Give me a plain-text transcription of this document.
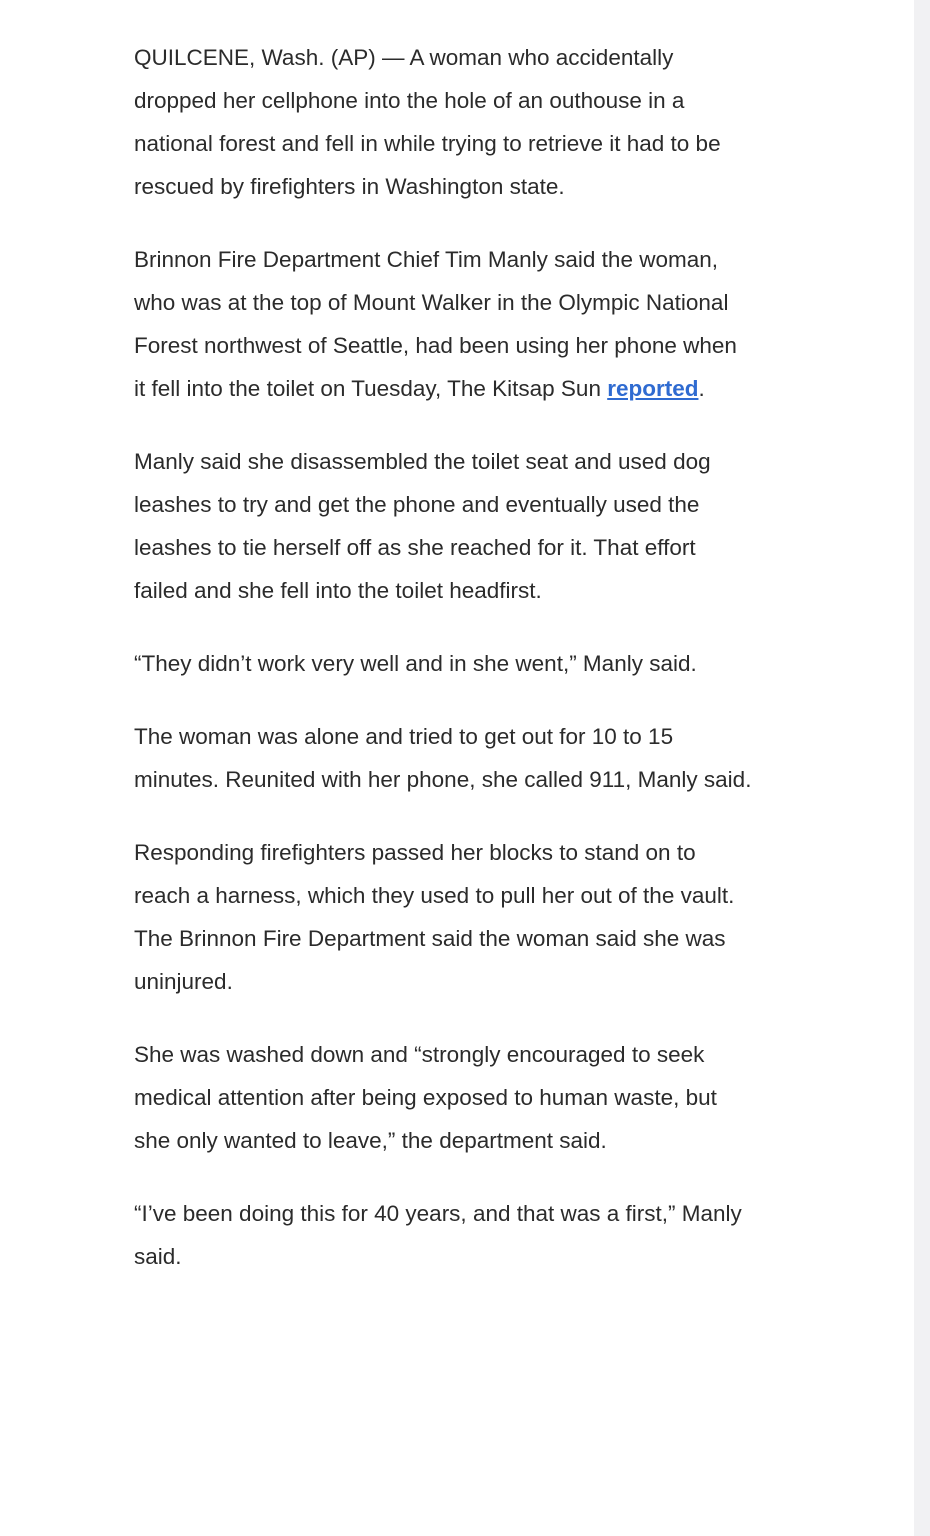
QUILCENE, Wash. (AP) — A woman who accidentally dropped her cellphone into the hole of an outhouse in a national forest and fell in while trying to retrieve it had to be rescued by firefighters in Washington state.

Brinnon Fire Department Chief Tim Manly said the woman, who was at the top of Mount Walker in the Olympic National Forest northwest of Seattle, had been using her phone when it fell into the toilet on Tuesday, The Kitsap Sun reported.

Manly said she disassembled the toilet seat and used dog leashes to try and get the phone and eventually used the leashes to tie herself off as she reached for it. That effort failed and she fell into the toilet headfirst.

“They didn’t work very well and in she went,” Manly said.

The woman was alone and tried to get out for 10 to 15 minutes. Reunited with her phone, she called 911, Manly said.

Responding firefighters passed her blocks to stand on to reach a harness, which they used to pull her out of the vault. The Brinnon Fire Department said the woman said she was uninjured.

She was washed down and “strongly encouraged to seek medical attention after being exposed to human waste, but she only wanted to leave,” the department said.

“I’ve been doing this for 40 years, and that was a first,” Manly said.
